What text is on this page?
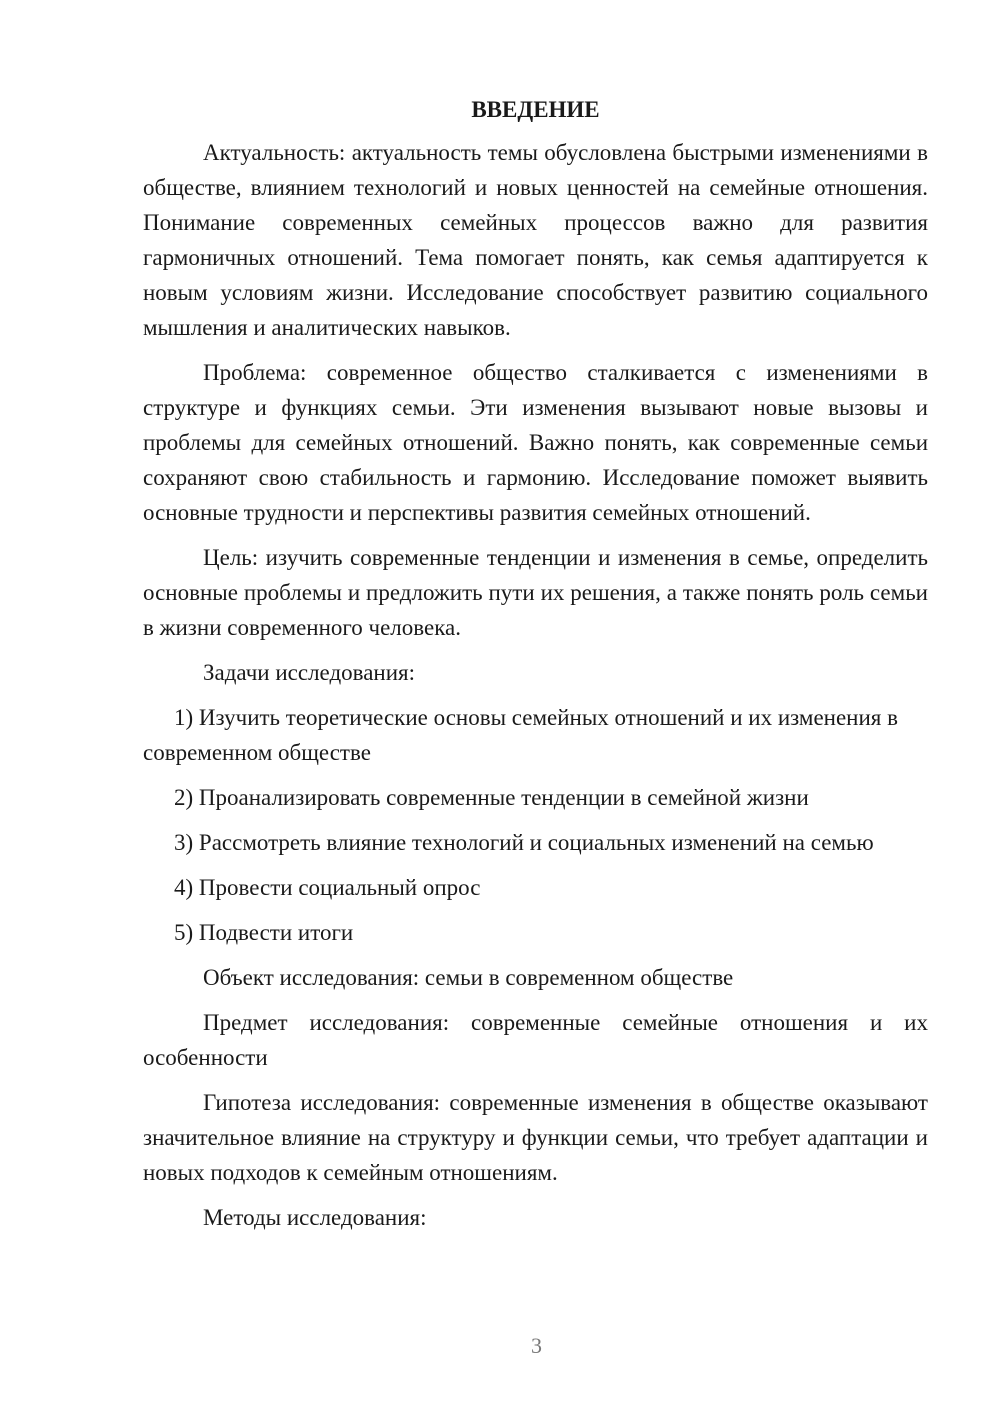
ВВЕДЕНИЕ

Актуальность: актуальность темы обусловлена быстрыми изменениями в обществе, влиянием технологий и новых ценностей на семейные отношения. Понимание современных семейных процессов важно для развития гармоничных отношений. Тема помогает понять, как семья адаптируется к новым условиям жизни. Исследование способствует развитию социального мышления и аналитических навыков.

Проблема: современное общество сталкивается с изменениями в структуре и функциях семьи. Эти изменения вызывают новые вызовы и проблемы для семейных отношений. Важно понять, как современные семьи сохраняют свою стабильность и гармонию. Исследование поможет выявить основные трудности и перспективы развития семейных отношений.

Цель: изучить современные тенденции и изменения в семье, определить основные проблемы и предложить пути их решения, а также понять роль семьи в жизни современного человека.

Задачи исследования:

1) Изучить теоретические основы семейных отношений и их изменения в современном обществе

2) Проанализировать современные тенденции в семейной жизни

3) Рассмотреть влияние технологий и социальных изменений на семью

4) Провести социальный опрос

5) Подвести итоги

Объект исследования: семьи в современном обществе

Предмет исследования: современные семейные отношения и их особенности

Гипотеза исследования: современные изменения в обществе оказывают значительное влияние на структуру и функции семьи, что требует адаптации и новых подходов к семейным отношениям.

Методы исследования:

3
